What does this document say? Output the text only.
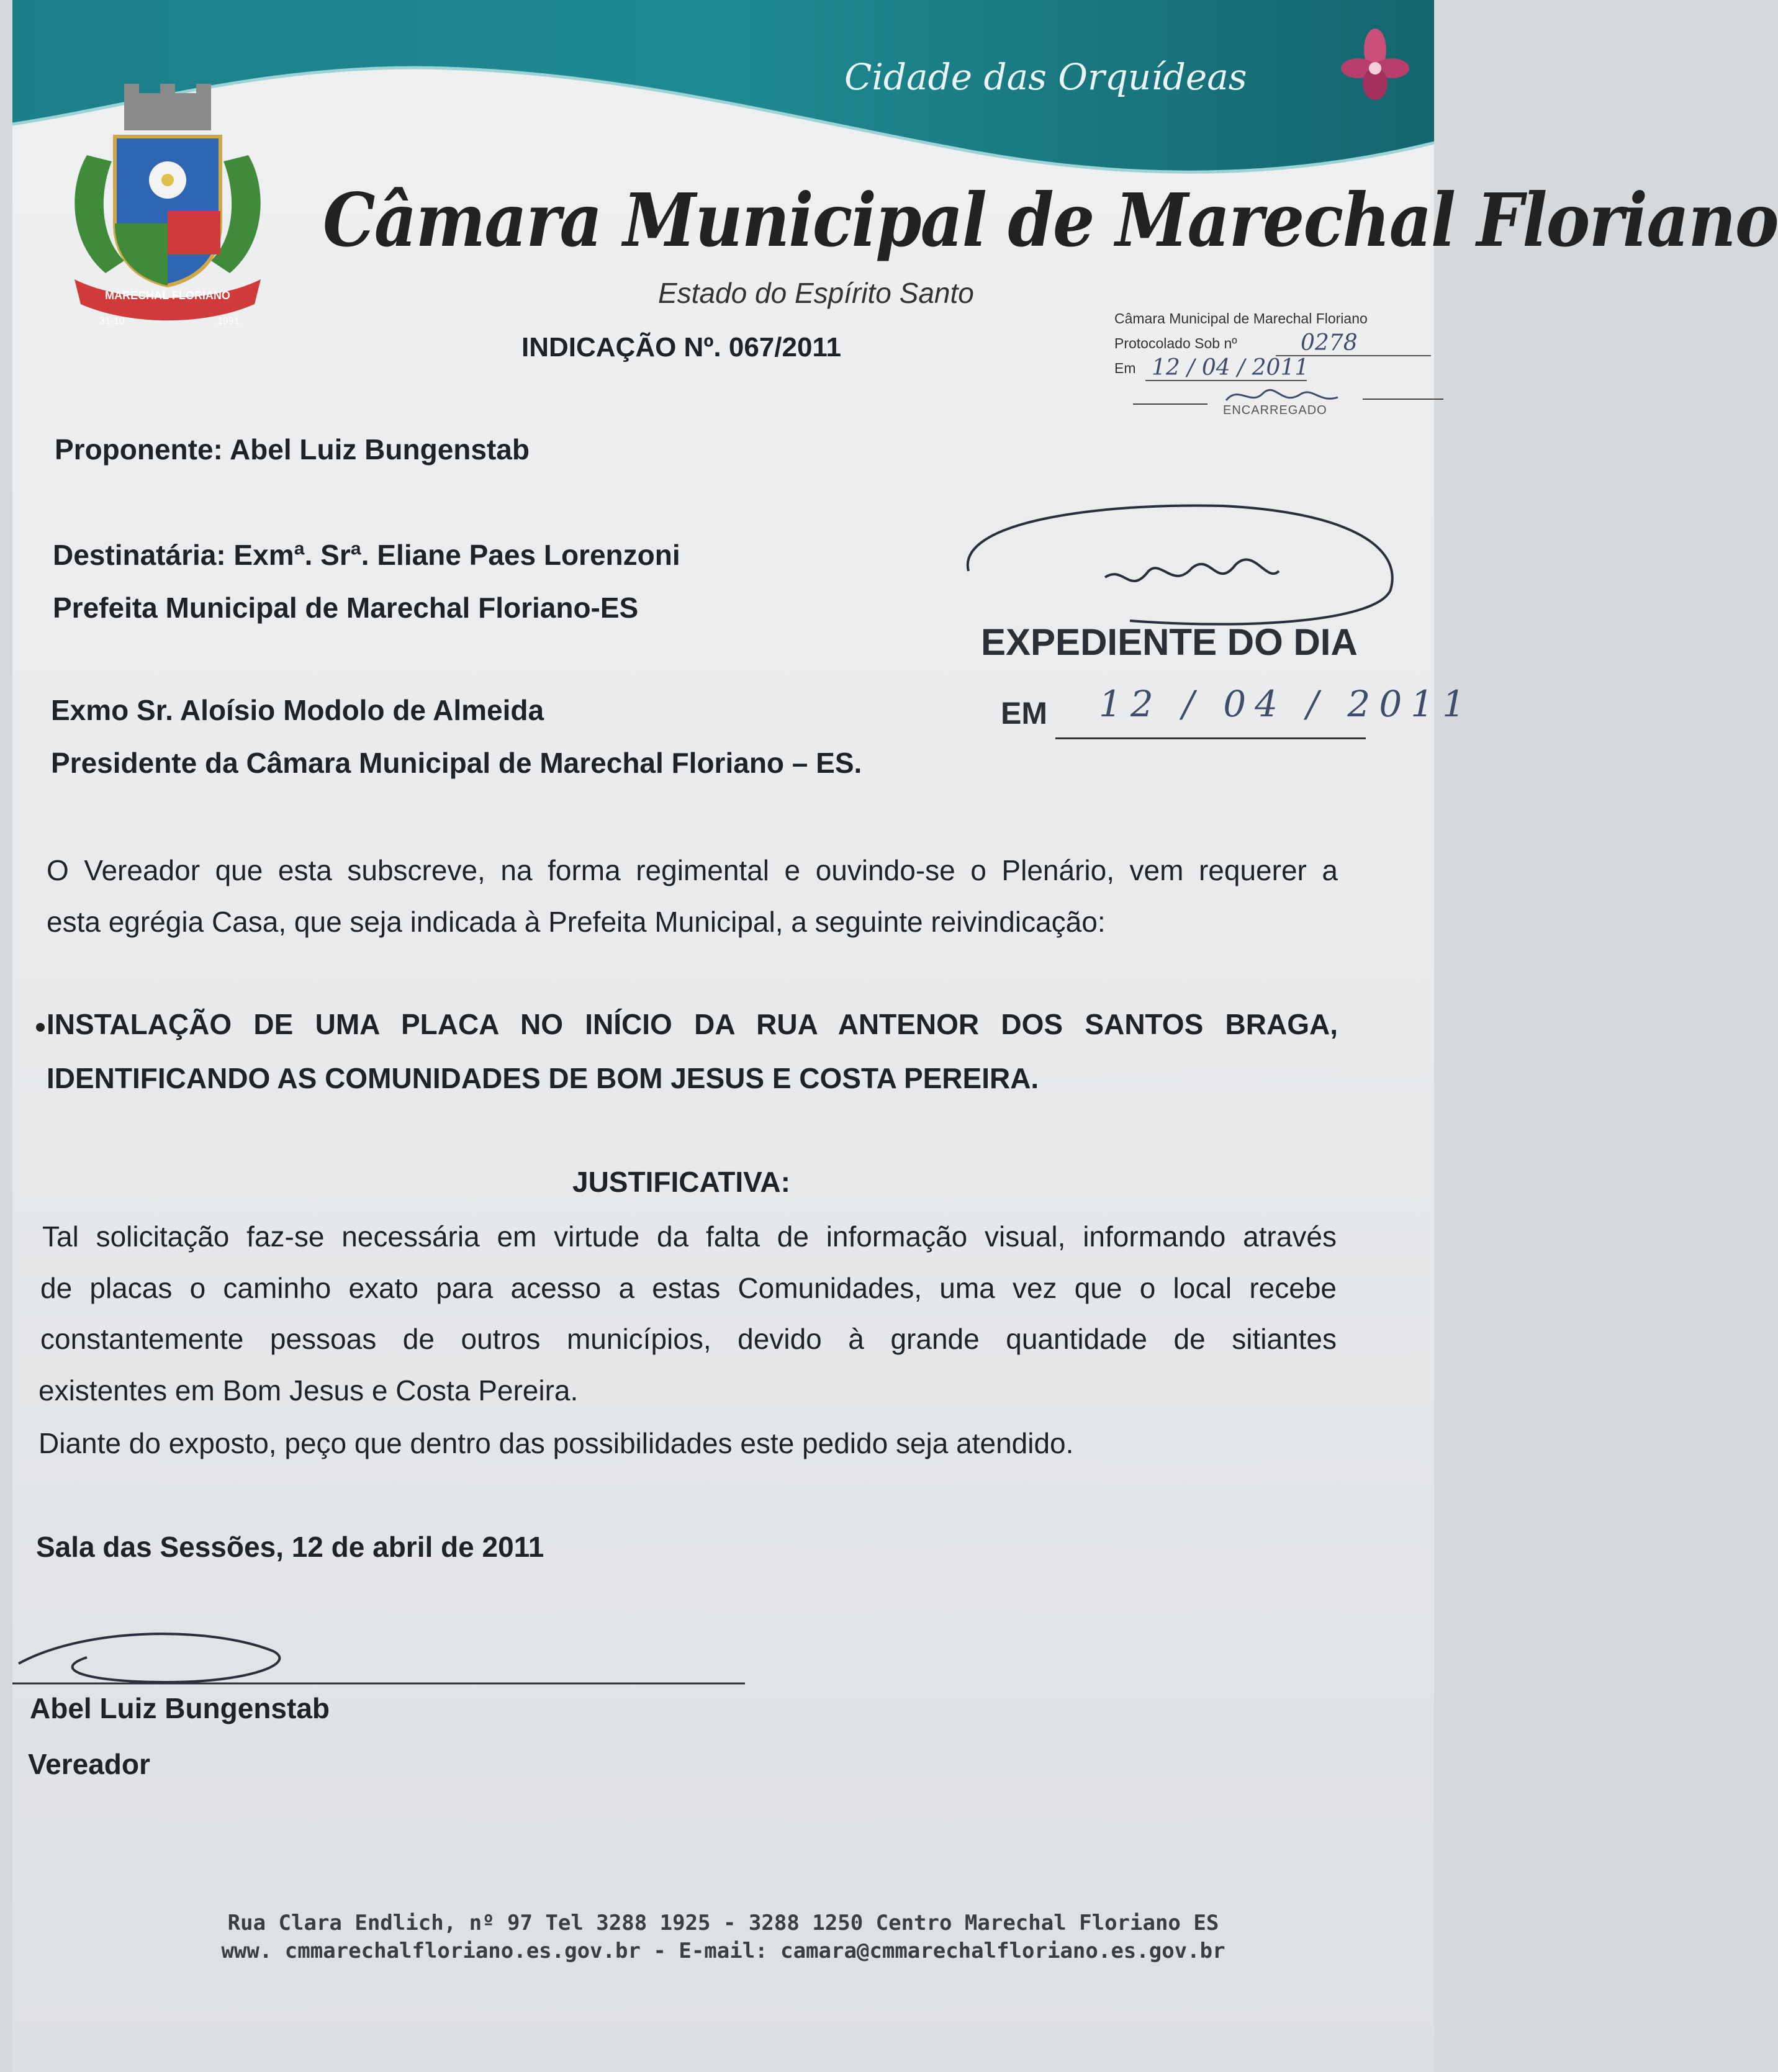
Cidade das Orquídeas
MARECHAL FLORIANO
31-10	1991
Câmara Municipal de Marechal Floriano
Estado do Espírito Santo
INDICAÇÃO Nº. 067/2011
Câmara Municipal de Marechal Floriano
Protocolado Sob nº	0278
Em 12 / 04 / 2011
ENCARREGADO
Proponente: Abel Luiz Bungenstab
Destinatária: Exmª. Srª. Eliane Paes Lorenzoni
Prefeita Municipal de Marechal Floriano-ES
Exmo Sr. Aloísio Modolo de Almeida
Presidente da Câmara Municipal de Marechal Floriano – ES.
EXPEDIENTE DO DIA
EM 12 / 04 / 2011
O Vereador que esta subscreve, na forma regimental e ouvindo-se o Plenário, vem requerer a
esta egrégia Casa, que seja indicada à Prefeita Municipal, a seguinte reivindicação:
INSTALAÇÃO DE UMA PLACA NO INÍCIO DA RUA ANTENOR DOS SANTOS BRAGA,
IDENTIFICANDO AS COMUNIDADES DE BOM JESUS E COSTA PEREIRA.
JUSTIFICATIVA:
Tal solicitação faz-se necessária em virtude da falta de informação visual, informando através
de placas o caminho exato para acesso a estas Comunidades, uma vez que o local recebe
constantemente pessoas de outros municípios, devido à grande quantidade de sitiantes
existentes em Bom Jesus e Costa Pereira.
Diante do exposto, peço que dentro das possibilidades este pedido seja atendido.
Sala das Sessões, 12 de abril de 2011
Abel Luiz Bungenstab
Vereador
Rua Clara Endlich, nº 97 Tel 3288 1925 - 3288 1250 Centro Marechal Floriano ES
www. cmmarechalfloriano.es.gov.br - E-mail: camara@cmmarechalfloriano.es.gov.br
